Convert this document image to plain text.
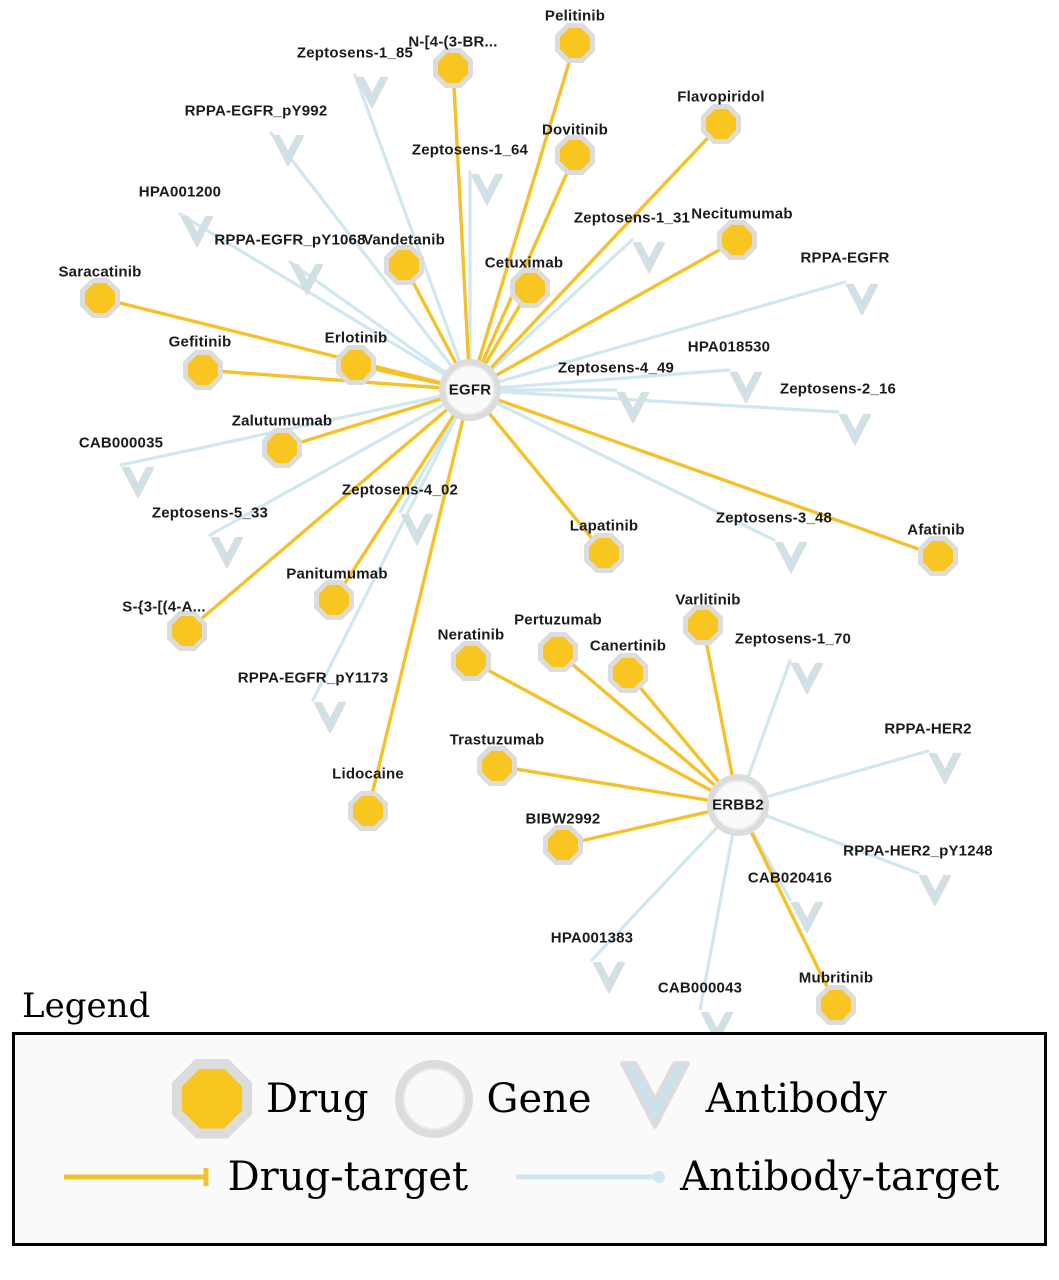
Zeptosens-1_85
RPPA-EGFR_pY992
Zeptosens-1_64
HPA001200
Zeptosens-1_31
RPPA-EGFR_pY1068
RPPA-EGFR
HPA018530
Zeptosens-4_49
Zeptosens-2_16
CAB000035
Zeptosens-4_02
Zeptosens-5_33	Zeptosens-3_48
Zeptosens-1_70
RPPA-EGFR_pY1173
RPPA-HER2
RPPA-HER2_pY1248
CAB020416
HPA001383
CAB000043
Pelitinib
N-[4-(3-BR...
Flavopiridol
Dovitinib
Necitumumab
Vandetanib
Cetuximab
Saracatinib
Gefitinib	Erlotinib
Zalutumumab
Lapatinib	Afatinib
Varlitinib
Panitumumab
S-{3-[(4-A...
Pertuzumab
Neratinib
Canertinib
Trastuzumab
Lidocaine
BIBW2992
Mubritinib
EGFR
ERBB2
Legend
Drug	Gene	Antibody
Drug-target	Antibody-target
